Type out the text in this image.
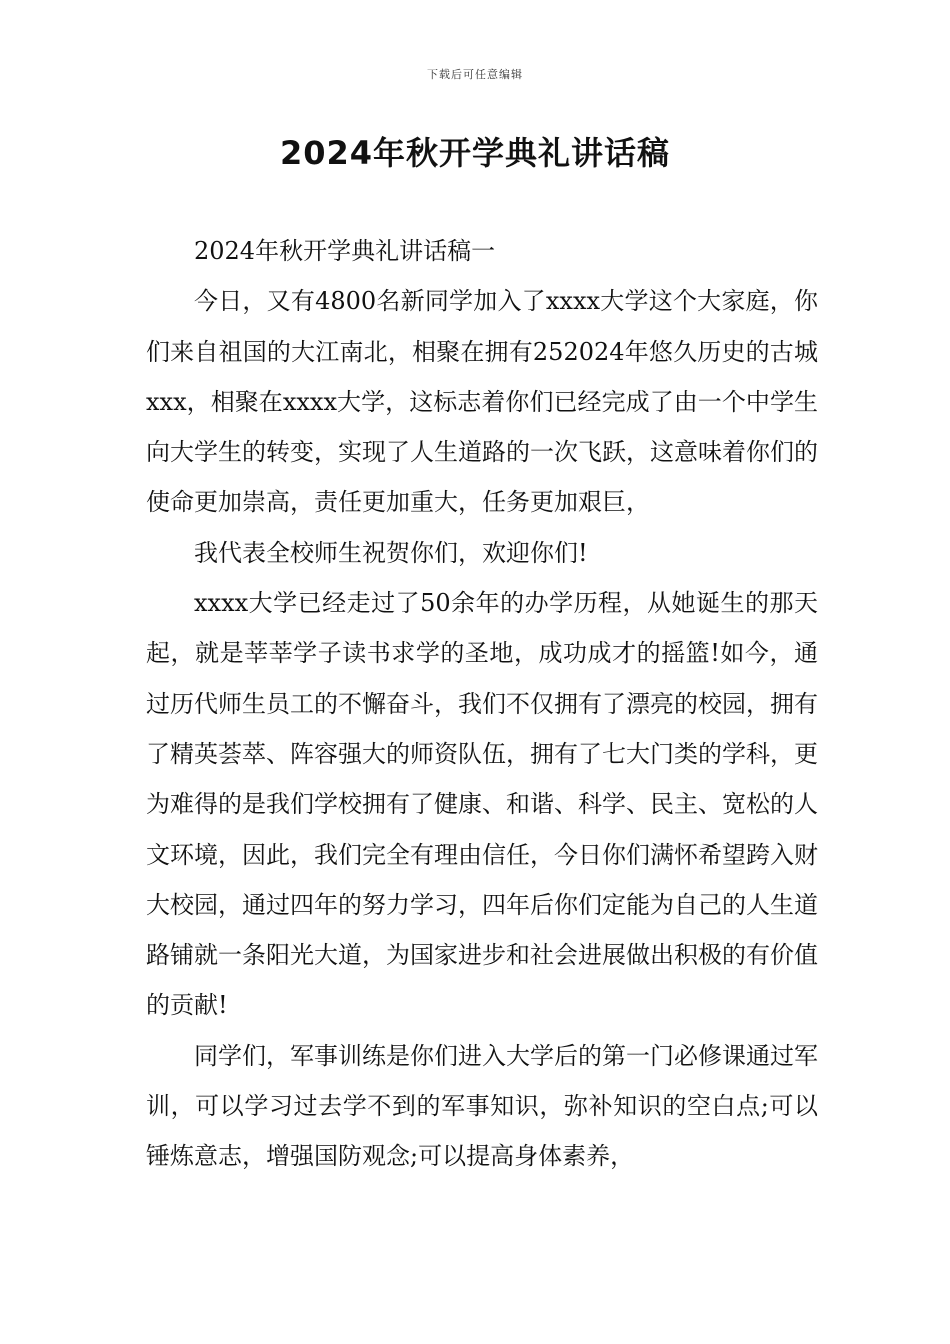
下载后可任意编辑
2024年秋开学典礼讲话稿

2024年秋开学典礼讲话稿一

今日，又有4800名新同学加入了xxxx大学这个大家庭，你们来自祖国的大江南北，相聚在拥有252024年悠久历史的古城xxx，相聚在xxxx大学，这标志着你们已经完成了由一个中学生向大学生的转变，实现了人生道路的一次飞跃，这意味着你们的使命更加崇高，责任更加重大，任务更加艰巨，

我代表全校师生祝贺你们，欢迎你们!

xxxx大学已经走过了50余年的办学历程，从她诞生的那天起，就是莘莘学子读书求学的圣地，成功成才的摇篮!如今，通过历代师生员工的不懈奋斗，我们不仅拥有了漂亮的校园，拥有了精英荟萃、阵容强大的师资队伍，拥有了七大门类的学科，更为难得的是我们学校拥有了健康、和谐、科学、民主、宽松的人文环境，因此，我们完全有理由信任，今日你们满怀希望跨入财大校园，通过四年的努力学习，四年后你们定能为自己的人生道路铺就一条阳光大道，为国家进步和社会进展做出积极的有价值的贡献!

同学们，军事训练是你们进入大学后的第一门必修课通过军训，可以学习过去学不到的军事知识，弥补知识的空白点;可以锤炼意志，增强国防观念;可以提高身体素养，
